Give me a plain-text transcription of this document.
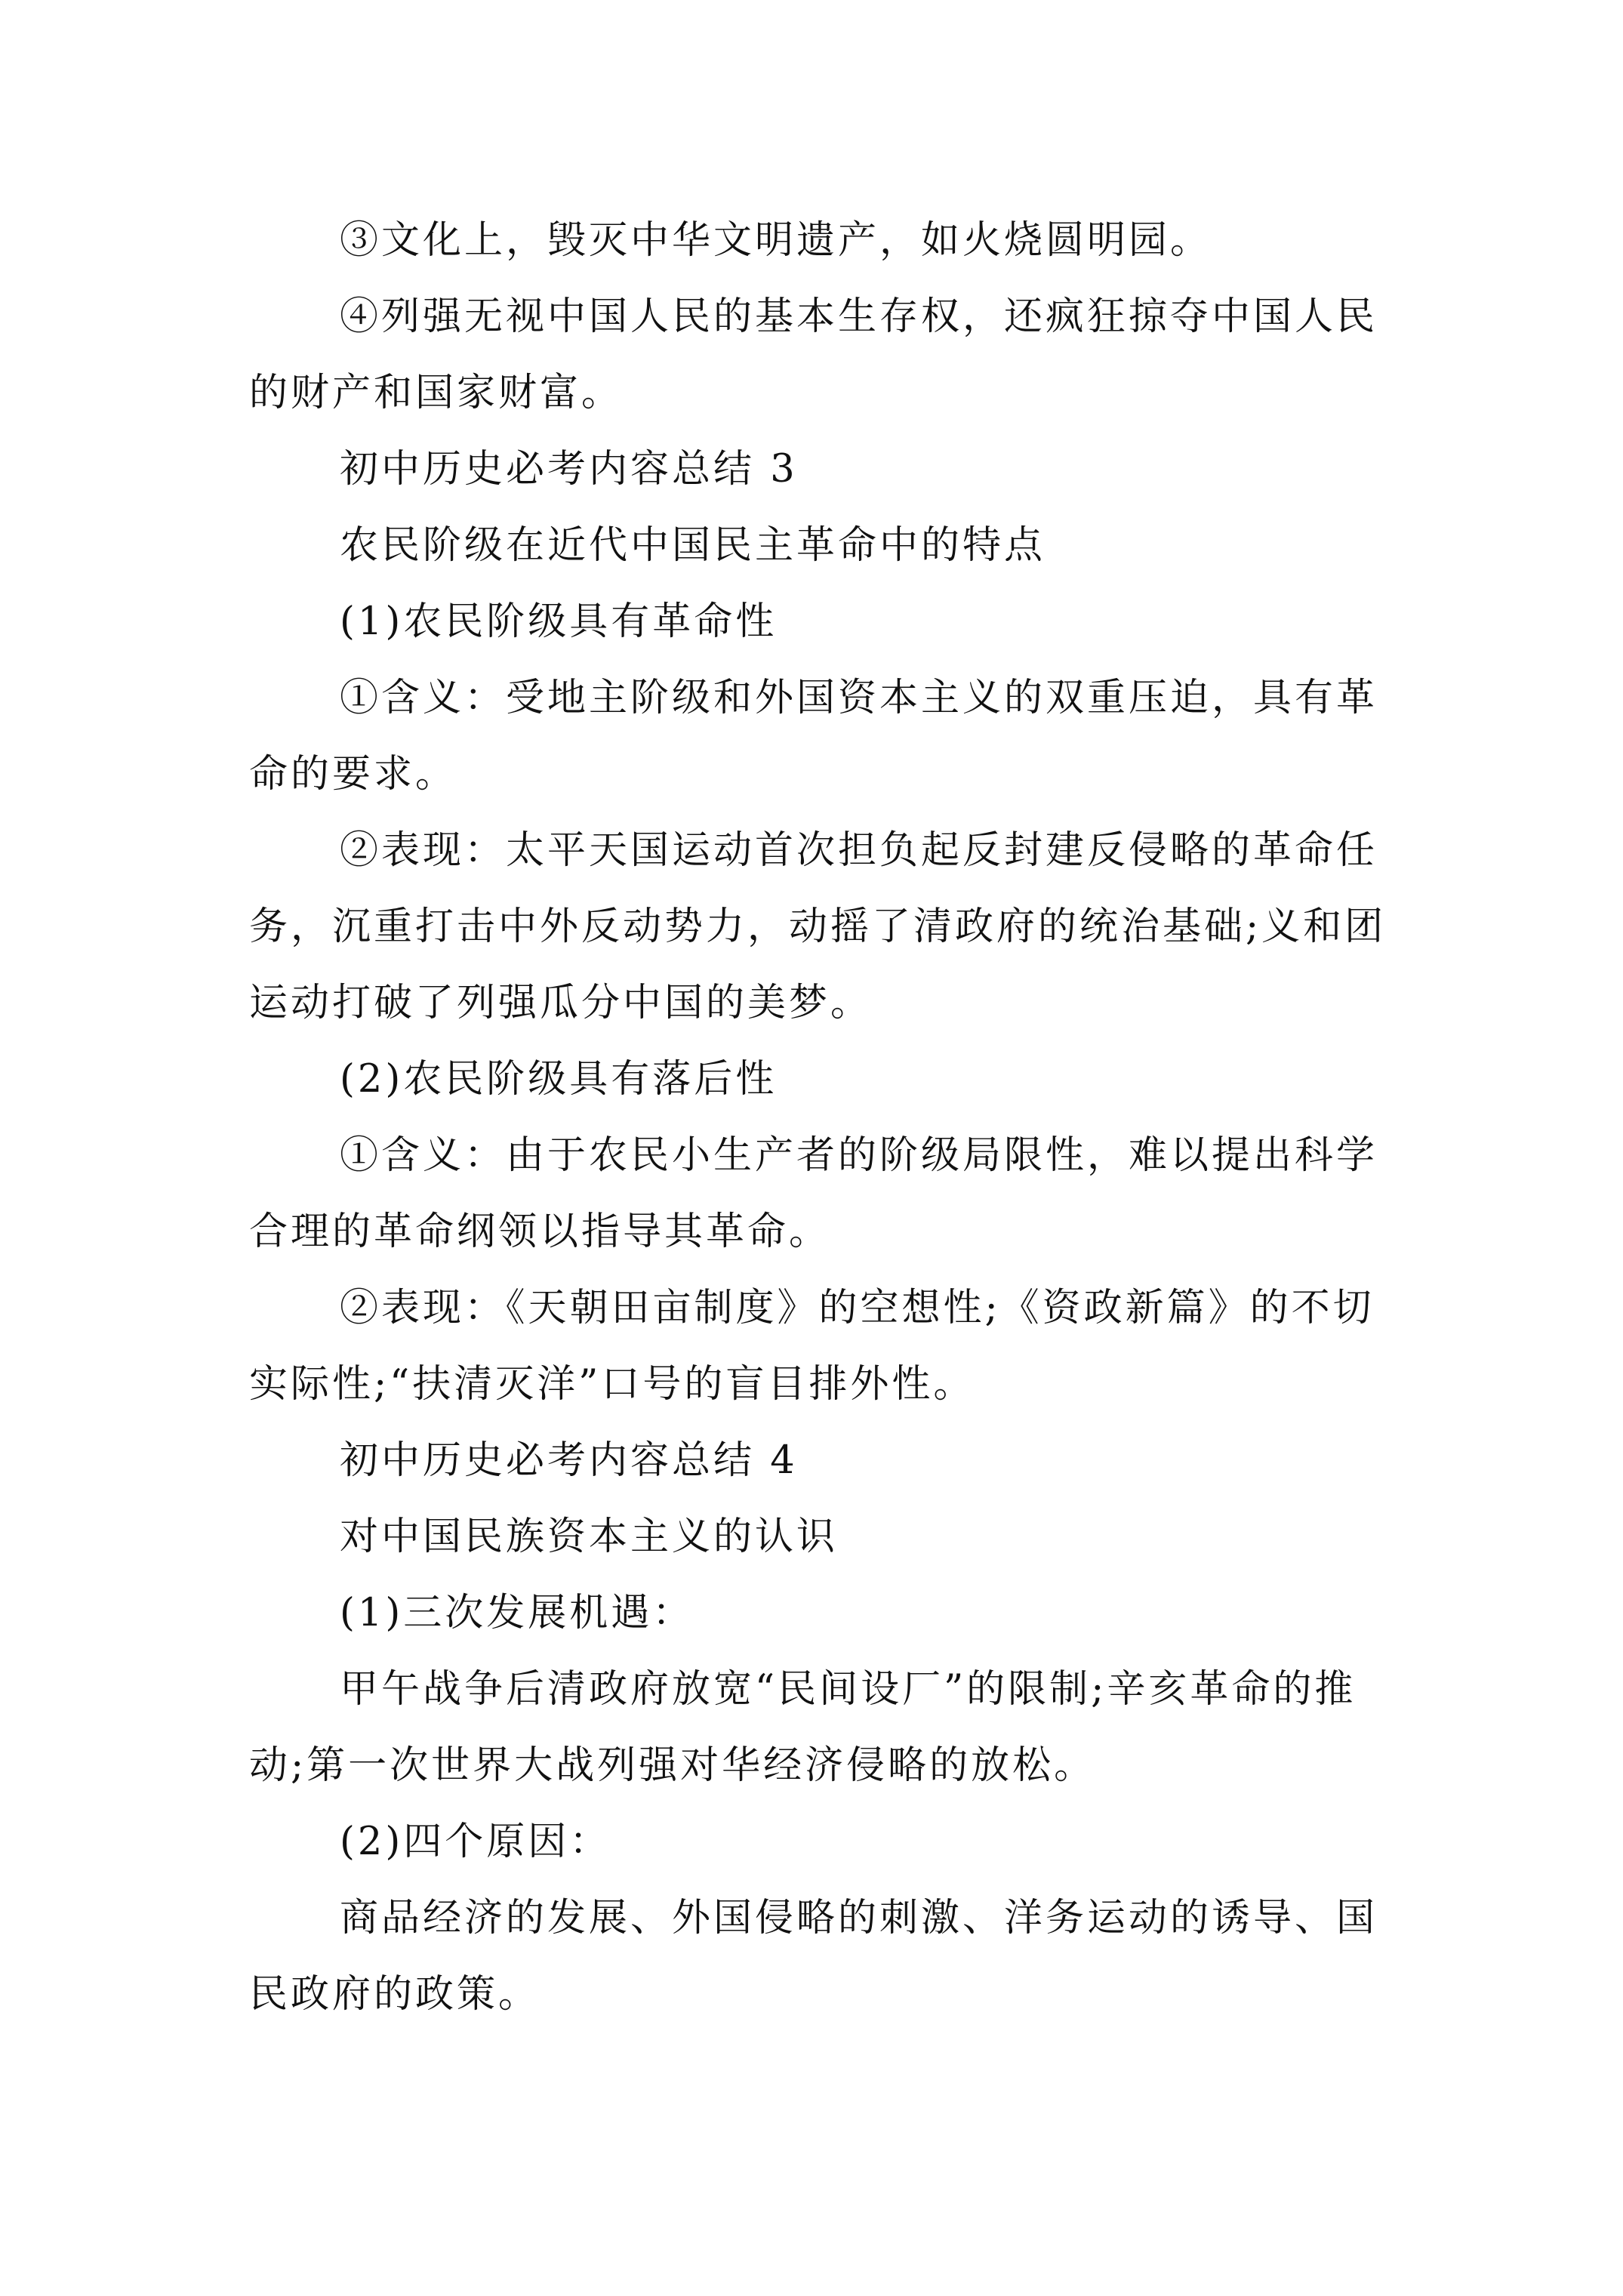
③文化上，毁灭中华文明遗产，如火烧圆明园。

④列强无视中国人民的基本生存权，还疯狂掠夺中国人民的财产和国家财富。

初中历史必考内容总结 3

农民阶级在近代中国民主革命中的特点

(1)农民阶级具有革命性

①含义：受地主阶级和外国资本主义的双重压迫，具有革命的要求。

②表现：太平天国运动首次担负起反封建反侵略的革命任务，沉重打击中外反动势力，动摇了清政府的统治基础;义和团运动打破了列强瓜分中国的美梦。

(2)农民阶级具有落后性

①含义：由于农民小生产者的阶级局限性，难以提出科学合理的革命纲领以指导其革命。

②表现：《天朝田亩制度》的空想性;《资政新篇》的不切实际性;“扶清灭洋”口号的盲目排外性。

初中历史必考内容总结 4

对中国民族资本主义的认识

(1)三次发展机遇：

甲午战争后清政府放宽“民间设厂”的限制;辛亥革命的推动;第一次世界大战列强对华经济侵略的放松。

(2)四个原因：

商品经济的发展、外国侵略的刺激、洋务运动的诱导、国民政府的政策。
